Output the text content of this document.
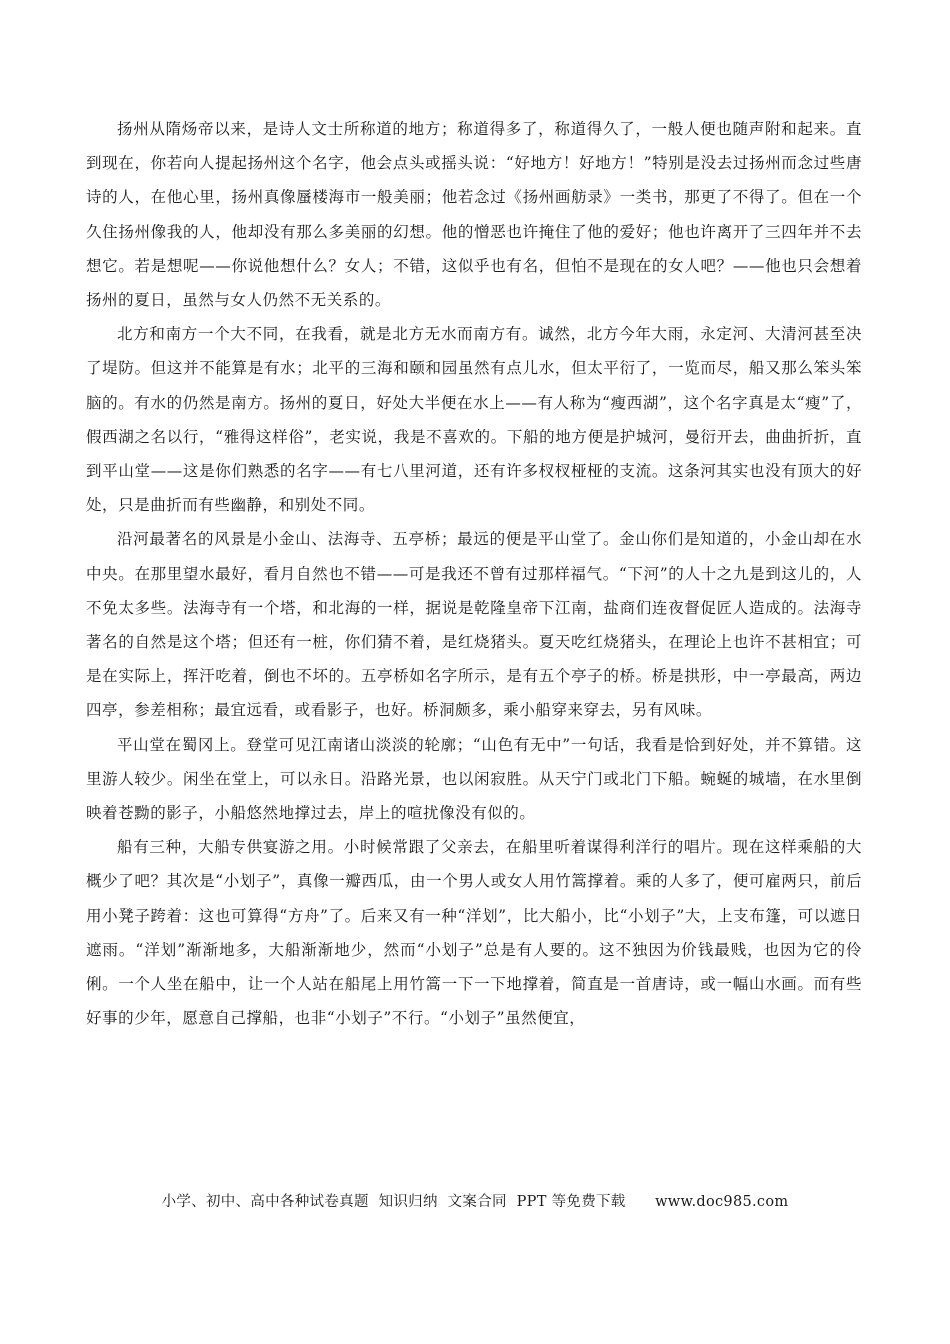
扬州从隋炀帝以来，是诗人文士所称道的地方；称道得多了，称道得久了，一般人便也随声附和起来。直到现在，你若向人提起扬州这个名字，他会点头或摇头说：“好地方！好地方！”特别是没去过扬州而念过些唐诗的人，在他心里，扬州真像蜃楼海市一般美丽；他若念过《扬州画舫录》一类书，那更了不得了。但在一个久住扬州像我的人，他却没有那么多美丽的幻想。他的憎恶也许掩住了他的爱好；他也许离开了三四年并不去想它。若是想呢——你说他想什么？女人；不错，这似乎也有名，但怕不是现在的女人吧？——他也只会想着扬州的夏日，虽然与女人仍然不无关系的。

北方和南方一个大不同，在我看，就是北方无水而南方有。诚然，北方今年大雨，永定河、大清河甚至决了堤防。但这并不能算是有水；北平的三海和颐和园虽然有点儿水，但太平衍了，一览而尽，船又那么笨头笨脑的。有水的仍然是南方。扬州的夏日，好处大半便在水上——有人称为“瘦西湖”，这个名字真是太“瘦”了，假西湖之名以行，“雅得这样俗”，老实说，我是不喜欢的。下船的地方便是护城河，曼衍开去，曲曲折折，直到平山堂——这是你们熟悉的名字——有七八里河道，还有许多杈杈桠桠的支流。这条河其实也没有顶大的好处，只是曲折而有些幽静，和别处不同。

沿河最著名的风景是小金山、法海寺、五亭桥；最远的便是平山堂了。金山你们是知道的，小金山却在水中央。在那里望水最好，看月自然也不错——可是我还不曾有过那样福气。“下河”的人十之九是到这儿的，人不免太多些。法海寺有一个塔，和北海的一样，据说是乾隆皇帝下江南，盐商们连夜督促匠人造成的。法海寺著名的自然是这个塔；但还有一桩，你们猜不着，是红烧猪头。夏天吃红烧猪头，在理论上也许不甚相宜；可是在实际上，挥汗吃着，倒也不坏的。五亭桥如名字所示，是有五个亭子的桥。桥是拱形，中一亭最高，两边四亭，参差相称；最宜远看，或看影子，也好。桥洞颇多，乘小船穿来穿去，另有风味。

平山堂在蜀冈上。登堂可见江南诸山淡淡的轮廓；“山色有无中”一句话，我看是恰到好处，并不算错。这里游人较少。闲坐在堂上，可以永日。沿路光景，也以闲寂胜。从天宁门或北门下船。蜿蜒的城墙，在水里倒映着苍黝的影子，小船悠然地撑过去，岸上的喧扰像没有似的。

船有三种，大船专供宴游之用。小时候常跟了父亲去，在船里听着谋得利洋行的唱片。现在这样乘船的大概少了吧？其次是“小划子”，真像一瓣西瓜，由一个男人或女人用竹篙撑着。乘的人多了，便可雇两只，前后用小凳子跨着：这也可算得“方舟”了。后来又有一种“洋划”，比大船小，比“小划子”大，上支布篷，可以遮日遮雨。“洋划”渐渐地多，大船渐渐地少，然而“小划子”总是有人要的。这不独因为价钱最贱，也因为它的伶俐。一个人坐在船中，让一个人站在船尾上用竹篙一下一下地撑着，简直是一首唐诗，或一幅山水画。而有些好事的少年，愿意自己撑船，也非“小划子”不行。“小划子”虽然便宜，

小学、初中、高中各种试卷真题  知识归纳  文案合同  PPT 等免费下载 www.doc985.com
